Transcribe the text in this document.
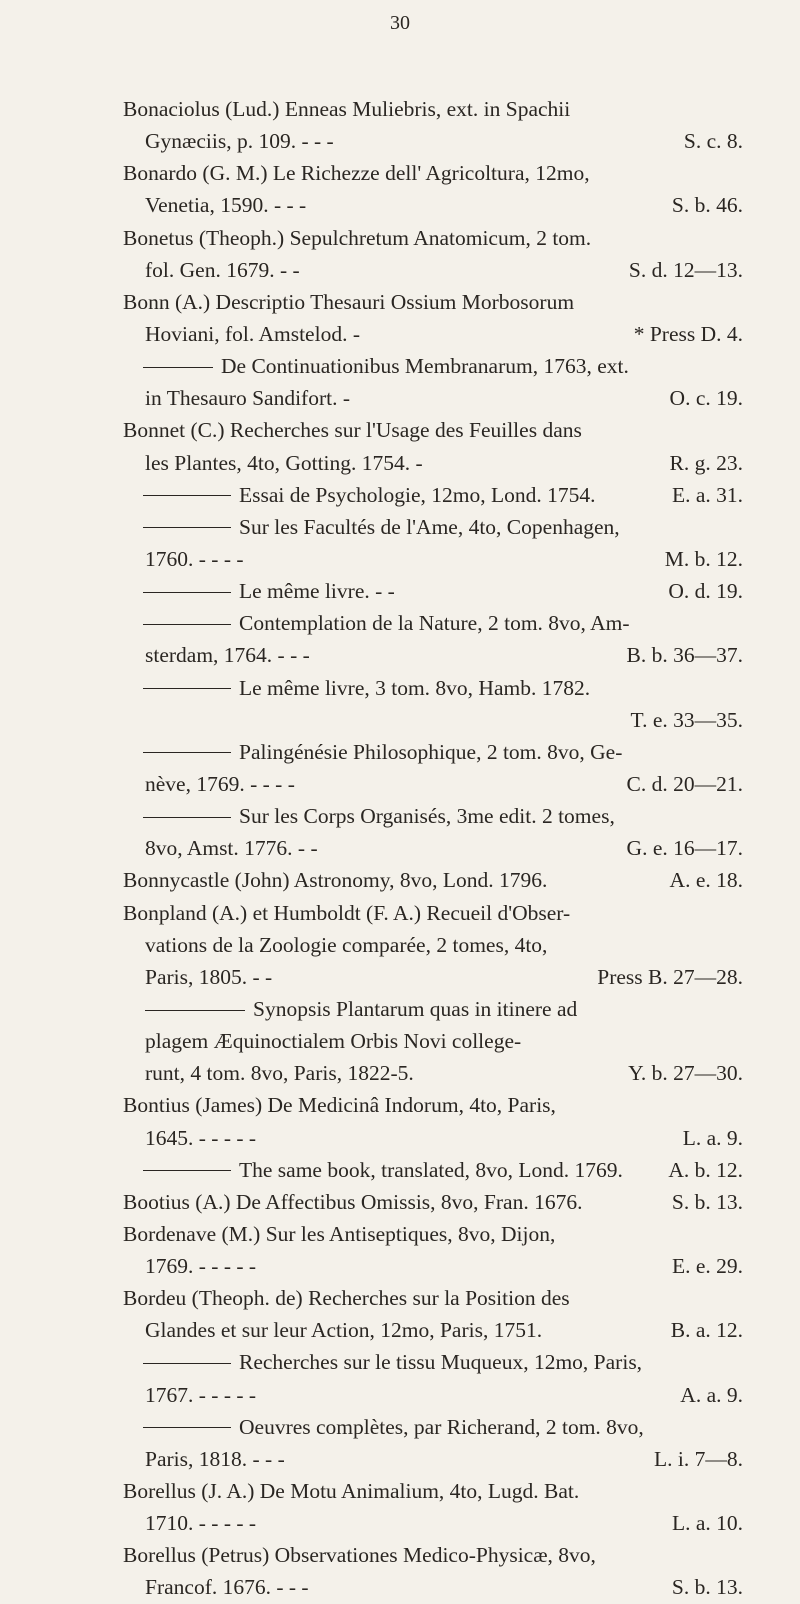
30
Bonaciolus (Lud.) Enneas Muliebris, ext. in Spachii
Gynæciis, p. 109. - - -	S. c. 8.
Bonardo (G. M.) Le Richezze dell' Agricoltura, 12mo,
Venetia, 1590. - - -	S. b. 46.
Bonetus (Theoph.) Sepulchretum Anatomicum, 2 tom.
fol. Gen. 1679. - -	S. d. 12—13.
Bonn (A.) Descriptio Thesauri Ossium Morbosorum
Hoviani, fol. Amstelod. -	* Press D. 4.
De Continuationibus Membranarum, 1763, ext.
in Thesauro Sandifort. -	O. c. 19.
Bonnet (C.) Recherches sur l'Usage des Feuilles dans
les Plantes, 4to, Gotting. 1754. -	R. g. 23.
Essai de Psychologie, 12mo, Lond. 1754.	E. a. 31.
Sur les Facultés de l'Ame, 4to, Copenhagen,
1760. - - - -	M. b. 12.
Le même livre. - -	O. d. 19.
Contemplation de la Nature, 2 tom. 8vo, Am-
sterdam, 1764. - - -	B. b. 36—37.
Le même livre, 3 tom. 8vo, Hamb. 1782.
T. e. 33—35.
Palingénésie Philosophique, 2 tom. 8vo, Ge-
nève, 1769. - - - -	C. d. 20—21.
Sur les Corps Organisés, 3me edit. 2 tomes,
8vo, Amst. 1776. - -	G. e. 16—17.
Bonnycastle (John) Astronomy, 8vo, Lond. 1796.	A. e. 18.
Bonpland (A.) et Humboldt (F. A.) Recueil d'Obser-
vations de la Zoologie comparée, 2 tomes, 4to,
Paris, 1805. - -	Press B. 27—28.
Synopsis Plantarum quas in itinere ad
plagem Æquinoctialem Orbis Novi college-
runt, 4 tom. 8vo, Paris, 1822-5.	Y. b. 27—30.
Bontius (James) De Medicinâ Indorum, 4to, Paris,
1645. - - - - -	L. a. 9.
The same book, translated, 8vo, Lond. 1769. A. b. 12.
Bootius (A.) De Affectibus Omissis, 8vo, Fran. 1676.	S. b. 13.
Bordenave (M.) Sur les Antiseptiques, 8vo, Dijon,
1769. - - - - -	E. e. 29.
Bordeu (Theoph. de) Recherches sur la Position des
Glandes et sur leur Action, 12mo, Paris, 1751.	B. a. 12.
Recherches sur le tissu Muqueux, 12mo, Paris,
1767. - - - - -	A. a. 9.
Oeuvres complètes, par Richerand, 2 tom. 8vo,
Paris, 1818. - - -	L. i. 7—8.
Borellus (J. A.) De Motu Animalium, 4to, Lugd. Bat.
1710. - - - - -	L. a. 10.
Borellus (Petrus) Observationes Medico-Physicæ, 8vo,
Francof. 1676. - - -	S. b. 13.
